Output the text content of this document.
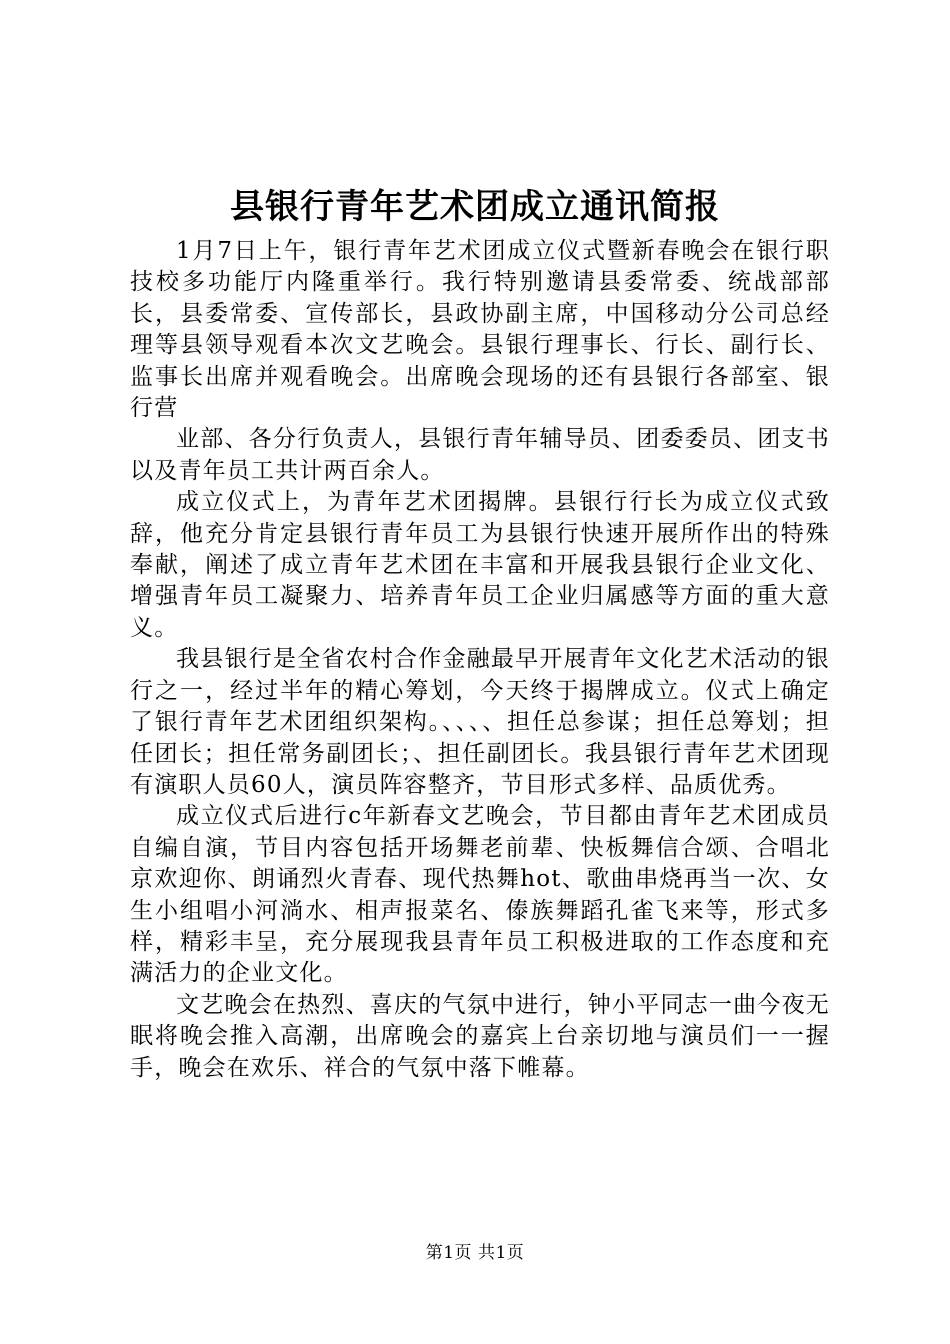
县银行青年艺术团成立通讯简报

1月7日上午，银行青年艺术团成立仪式暨新春晚会在银行职技校多功能厅内隆重举行。我行特别邀请县委常委、统战部部长，县委常委、宣传部长，县政协副主席，中国移动分公司总经理等县领导观看本次文艺晚会。县银行理事长、行长、副行长、监事长出席并观看晚会。出席晚会现场的还有县银行各部室、银行营

业部、各分行负责人，县银行青年辅导员、团委委员、团支书以及青年员工共计两百余人。

成立仪式上，为青年艺术团揭牌。县银行行长为成立仪式致辞，他充分肯定县银行青年员工为县银行快速开展所作出的特殊奉献，阐述了成立青年艺术团在丰富和开展我县银行企业文化、增强青年员工凝聚力、培养青年员工企业归属感等方面的重大意义。

我县银行是全省农村合作金融最早开展青年文化艺术活动的银行之一，经过半年的精心筹划，今天终于揭牌成立。仪式上确定了银行青年艺术团组织架构。、、、、担任总参谋；担任总筹划；担任团长；担任常务副团长；、担任副团长。我县银行青年艺术团现有演职人员60人，演员阵容整齐，节目形式多样、品质优秀。

成立仪式后进行c年新春文艺晚会，节目都由青年艺术团成员自编自演，节目内容包括开场舞老前辈、快板舞信合颂、合唱北京欢迎你、朗诵烈火青春、现代热舞hot、歌曲串烧再当一次、女生小组唱小河淌水、相声报菜名、傣族舞蹈孔雀飞来等，形式多样，精彩丰呈，充分展现我县青年员工积极进取的工作态度和充满活力的企业文化。

文艺晚会在热烈、喜庆的气氛中进行，钟小平同志一曲今夜无眠将晚会推入高潮，出席晚会的嘉宾上台亲切地与演员们一一握手，晚会在欢乐、祥合的气氛中落下帷幕。

第1页 共1页
